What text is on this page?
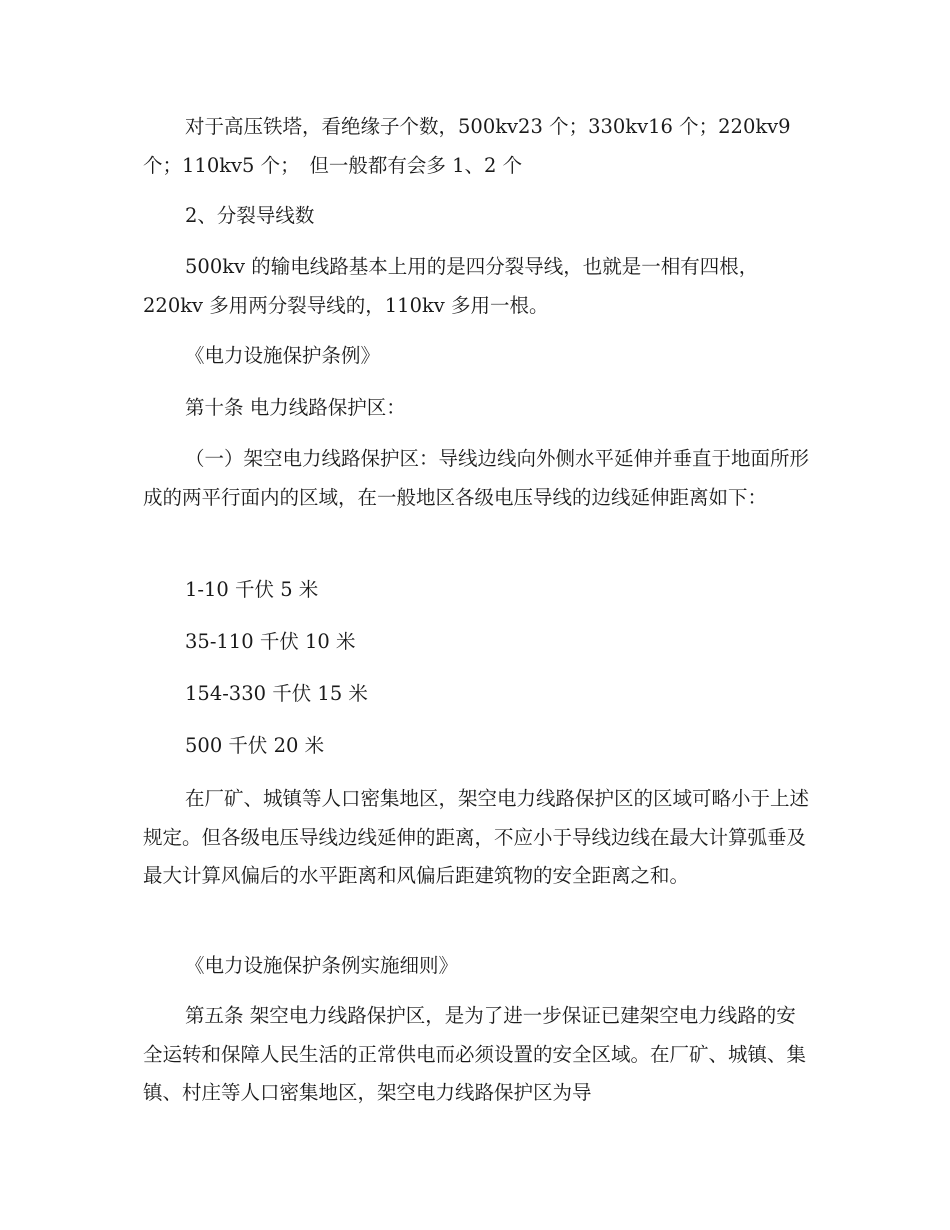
对于高压铁塔，看绝缘子个数，500kv23 个；330kv16 个；220kv9 个；110kv5 个；　但一般都有会多 1、2 个

2、分裂导线数

500kv 的输电线路基本上用的是四分裂导线，也就是一相有四根，220kv 多用两分裂导线的，110kv 多用一根。

《电力设施保护条例》

第十条 电力线路保护区：

（一）架空电力线路保护区：导线边线向外侧水平延伸并垂直于地面所形成的两平行面内的区域，在一般地区各级电压导线的边线延伸距离如下：

1-10 千伏 5 米

35-110 千伏 10 米

154-330 千伏 15 米

500 千伏 20 米

在厂矿、城镇等人口密集地区，架空电力线路保护区的区域可略小于上述规定。但各级电压导线边线延伸的距离，不应小于导线边线在最大计算弧垂及最大计算风偏后的水平距离和风偏后距建筑物的安全距离之和。

《电力设施保护条例实施细则》

第五条 架空电力线路保护区，是为了进一步保证已建架空电力线路的安全运转和保障人民生活的正常供电而必须设置的安全区域。在厂矿、城镇、集镇、村庄等人口密集地区，架空电力线路保护区为导
